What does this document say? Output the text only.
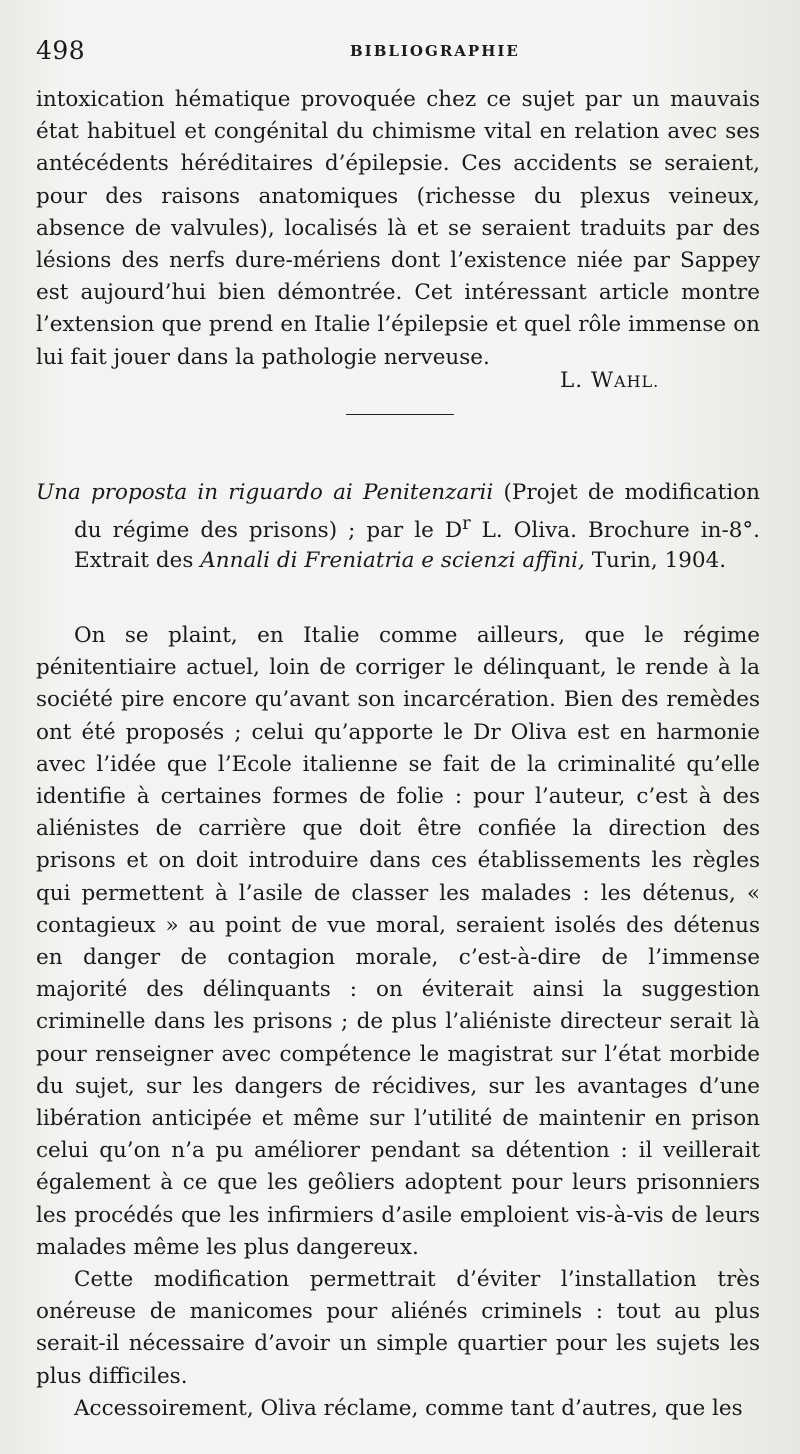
498	BIBLIOGRAPHIE

intoxication hématique provoquée chez ce sujet par un mauvais état habituel et congénital du chimisme vital en relation avec ses antécédents héréditaires d’épilepsie. Ces accidents se seraient, pour des raisons anatomiques (richesse du plexus veineux, absence de valvules), localisés là et se seraient traduits par des lésions des nerfs dure-mériens dont l’existence niée par Sappey est aujourd’hui bien démontrée. Cet intéressant article montre l’extension que prend en Italie l’épilepsie et quel rôle immense on lui fait jouer dans la pathologie nerveuse.

L. WAHL.
Una proposta in riguardo ai Penitenzarii (Projet de modification du régime des prisons) ; par le $D^r$ L. Oliva. Brochure in-8°. Extrait des Annali di Freniatria e scienzi affini, Turin, 1904.

On se plaint, en Italie comme ailleurs, que le régime pénitentiaire actuel, loin de corriger le délinquant, le rende à la société pire encore qu’avant son incarcération. Bien des remèdes ont été proposés ; celui qu’apporte le Dr Oliva est en harmonie avec l’idée que l’Ecole italienne se fait de la criminalité qu’elle identifie à certaines formes de folie : pour l’auteur, c’est à des aliénistes de carrière que doit être confiée la direction des prisons et on doit introduire dans ces établissements les règles qui permettent à l’asile de classer les malades : les détenus, « contagieux » au point de vue moral, seraient isolés des détenus en danger de contagion morale, c’est-à-dire de l’immense majorité des délinquants : on éviterait ainsi la suggestion criminelle dans les prisons ; de plus l’aliéniste directeur serait là pour renseigner avec compétence le magistrat sur l’état morbide du sujet, sur les dangers de récidives, sur les avantages d’une libération anticipée et même sur l’utilité de maintenir en prison celui qu’on n’a pu améliorer pendant sa détention : il veillerait également à ce que les geôliers adoptent pour leurs prisonniers les procédés que les infirmiers d’asile emploient vis-à-vis de leurs malades même les plus dangereux.

Cette modification permettrait d’éviter l’installation très onéreuse de manicomes pour aliénés criminels : tout au plus serait-il nécessaire d’avoir un simple quartier pour les sujets les plus difficiles.

Accessoirement, Oliva réclame, comme tant d’autres, que les
